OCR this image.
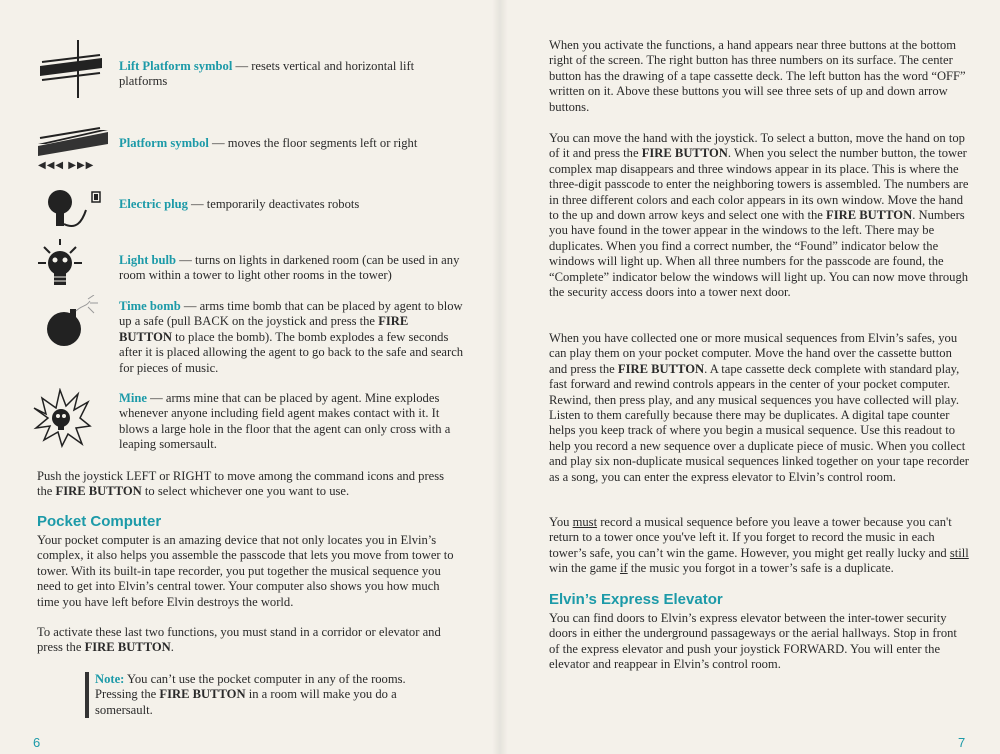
Lift Platform symbol — resets vertical and horizontal lift platforms
◀◀◀ ▶▶▶
Platform symbol — moves the floor segments left or right
Electric plug — temporarily deactivates robots
Light bulb — turns on lights in darkened room (can be used in any room within a tower to light other rooms in the tower)
Time bomb — arms time bomb that can be placed by agent to blow up a safe (pull BACK on the joystick and press the FIRE BUTTON to place the bomb). The bomb explodes a few seconds after it is placed allowing the agent to go back to the safe and search for pieces of music.
Mine — arms mine that can be placed by agent. Mine explodes whenever anyone including field agent makes contact with it. It blows a large hole in the floor that the agent can only cross with a leaping somersault.
Push the joystick LEFT or RIGHT to move among the command icons and press the FIRE BUTTON to select whichever one you want to use.
Pocket Computer
Your pocket computer is an amazing device that not only locates you in Elvin’s complex, it also helps you assemble the passcode that lets you move from tower to tower. With its built-in tape recorder, you put together the musical sequence you need to get into Elvin’s central tower. Your computer also shows you how much time you have left before Elvin destroys the world.
To activate these last two functions, you must stand in a corridor or elevator and press the FIRE BUTTON.
Note: You can’t use the pocket computer in any of the rooms. Pressing the FIRE BUTTON in a room will make you do a somersault.
6
When you activate the functions, a hand appears near three buttons at the bottom right of the screen. The right button has three numbers on its surface. The center button has the drawing of a tape cassette deck. The left button has the word “OFF” written on it. Above these buttons you will see three sets of up and down arrow buttons.
You can move the hand with the joystick. To select a button, move the hand on top of it and press the FIRE BUTTON. When you select the number button, the tower complex map disappears and three windows appear in its place. This is where the three-digit passcode to enter the neighboring towers is assembled. The numbers are in three different colors and each color appears in its own window. Move the hand to the up and down arrow keys and select one with the FIRE BUTTON. Numbers you have found in the tower appear in the windows to the left. There may be duplicates. When you find a correct number, the “Found” indicator below the windows will light up. When all three numbers for the passcode are found, the “Complete” indicator below the windows will light up. You can now move through the security access doors into a tower next door.
When you have collected one or more musical sequences from Elvin’s safes, you can play them on your pocket computer. Move the hand over the cassette button and press the FIRE BUTTON. A tape cassette deck complete with standard play, fast forward and rewind controls appears in the center of your pocket computer. Rewind, then press play, and any musical sequences you have collected will play. Listen to them carefully because there may be duplicates. A digital tape counter helps you keep track of where you begin a musical sequence. Use this readout to help you record a new sequence over a duplicate piece of music. When you collect and play six non-duplicate musical sequences linked together on your tape recorder as a song, you can enter the express elevator to Elvin’s control room.
You must record a musical sequence before you leave a tower because you can't return to a tower once you've left it. If you forget to record the music in each tower’s safe, you can’t win the game. However, you might get really lucky and still win the game if the music you forgot in a tower’s safe is a duplicate.
Elvin’s Express Elevator
You can find doors to Elvin’s express elevator between the inter-tower security doors in either the underground passageways or the aerial hallways. Stop in front of the express elevator and push your joystick FORWARD. You will enter the elevator and reappear in Elvin’s control room.
7
